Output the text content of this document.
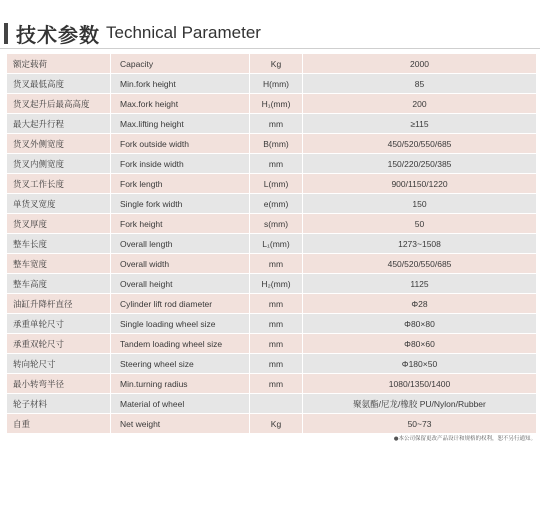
技术参数 Technical Parameter
额定载荷	Capacity	Kg	2000
货叉最低高度	Min.fork height	H(mm)	85
货叉起升后最高高度	Max.fork height	H₁(mm)	200
最大起升行程	Max.lifting height	mm	≥115
货叉外侧宽度	Fork outside width	B(mm)	450/520/550/685
货叉内侧宽度	Fork inside width	mm	150/220/250/385
货叉工作长度	Fork length	L(mm)	900/1150/1220
单货叉宽度	Single fork width	e(mm)	150
货叉厚度	Fork height	s(mm)	50
整车长度	Overall length	L₁(mm)	1273~1508
整车宽度	Overall width	mm	450/520/550/685
整车高度	Overall height	H₂(mm)	1125
油缸升降杆直径	Cylinder lift rod diameter	mm	Φ28
承重单轮尺寸	Single loading wheel size	mm	Φ80×80
承重双轮尺寸	Tandem loading wheel size	mm	Φ80×60
转向轮尺寸	Steering wheel size	mm	Φ180×50
最小转弯半径	Min.turning radius	mm	1080/1350/1400
轮子材料	Material of wheel		聚氨酯/尼龙/橡胶 PU/Nylon/Rubber
自重	Net weight	Kg	50~73
●本公司保留更改产品设计和规格的权利，恕不另行通知。
